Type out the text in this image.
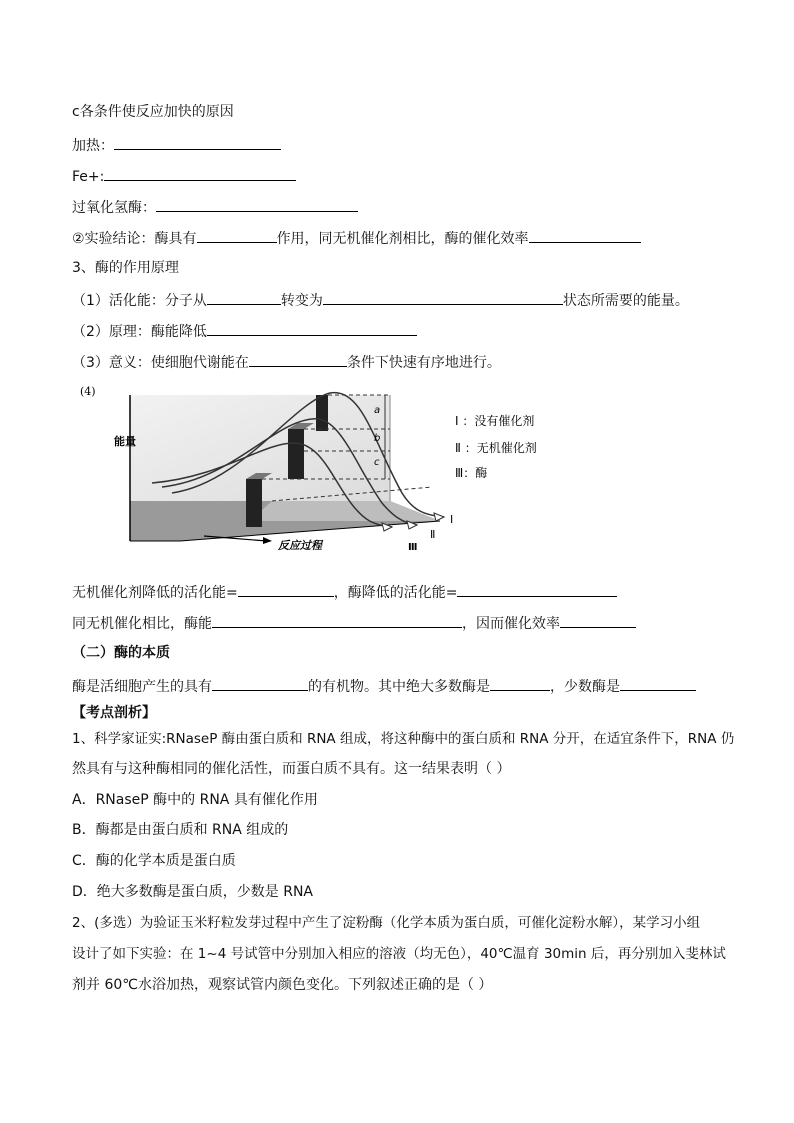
c各条件使反应加快的原因
加热：
Fe+:
过氧化氢酶：
②实验结论：酶具有	作用，同无机催化剂相比，酶的催化效率
3、酶的作用原理
（1）活化能：分子从	转变为	状态所需要的能量。
（2）原理：酶能降低
（3）意义：使细胞代谢能在	条件下快速有序地进行。
(4)
能量
a
b
c
Ⅰ
Ⅱ
Ⅲ
反应过程
Ⅰ ：没有催化剂
Ⅱ ：无机催化剂
Ⅲ：酶
无机催化剂降低的活化能=	，酶降低的活化能=
同无机催化相比，酶能	，因而催化效率
（二）酶的本质
酶是活细胞产生的具有	的有机物。其中绝大多数酶是	，少数酶是
【考点剖析】
1、科学家证实:RNaseP 酶由蛋白质和 RNA 组成，将这种酶中的蛋白质和 RNA 分开，在适宜条件下，RNA 仍
然具有与这种酶相同的催化活性，而蛋白质不具有。这一结果表明（ ）
A．RNaseP 酶中的 RNA 具有催化作用
B．酶都是由蛋白质和 RNA 组成的
C．酶的化学本质是蛋白质
D．绝大多数酶是蛋白质，少数是 RNA
2、(多选）为验证玉米籽粒发芽过程中产生了淀粉酶（化学本质为蛋白质，可催化淀粉水解），某学习小组
设计了如下实验：在 1~4 号试管中分别加入相应的溶液（均无色），40℃温育 30min 后，再分别加入斐林试
剂并 60℃水浴加热，观察试管内颜色变化。下列叙述正确的是（ ）
